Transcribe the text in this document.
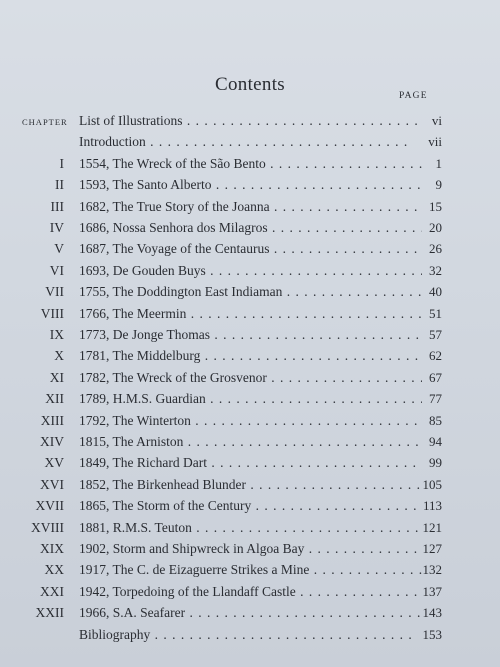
Contents
PAGE
CHAPTER List of Illustrations . .	vi
Introduction . .	vii
I 1554, The Wreck of the São Bento . .	1
II 1593, The Santo Alberto . .	9
III 1682, The True Story of the Joanna . .	15
IV 1686, Nossa Senhora dos Milagros . .	20
V 1687, The Voyage of the Centaurus . .	26
VI 1693, De Gouden Buys . .	32
VII 1755, The Doddington East Indiaman . .	40
VIII 1766, The Meermin . .	51
IX 1773, De Jonge Thomas . .	57
X 1781, The Middelburg . .	62
XI 1782, The Wreck of the Grosvenor . .	67
XII 1789, H.M.S. Guardian . .	77
XIII 1792, The Winterton . .	85
XIV 1815, The Arniston . .	94
XV 1849, The Richard Dart . .	99
XVI 1852, The Birkenhead Blunder . .	105
XVII 1865, The Storm of the Century . .	113
XVIII 1881, R.M.S. Teuton . .	121
XIX 1902, Storm and Shipwreck in Algoa Bay . .	127
XX 1917, The C. de Eizaguerre Strikes a Mine . .	132
XXI 1942, Torpedoing of the Llandaff Castle . .	137
XXII 1966, S.A. Seafarer . .	143
Bibliography . .	153
